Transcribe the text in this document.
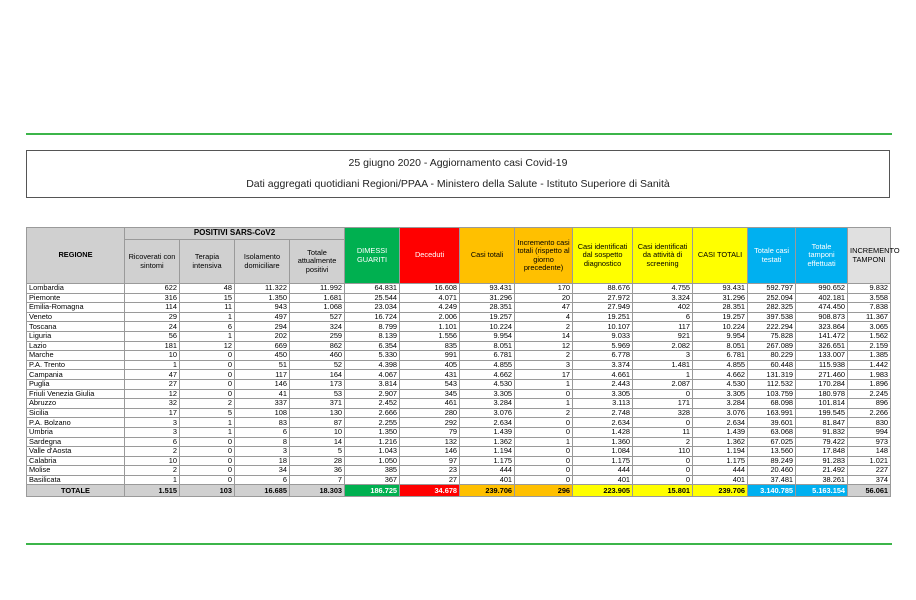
25 giugno 2020 - Aggiornamento casi Covid-19
Dati aggregati quotidiani Regioni/PPAA - Ministero della Salute - Istituto Superiore di Sanità
REGIONE	POSITIVI SARS-CoV2				DIMESSI GUARITI	Deceduti	Casi totali	Incremento casi totali (rispetto al giorno precedente)	Casi identificati dal sospetto diagnostico	Casi identificati da attività di screening	CASI TOTALI	Totale casi testati	Totale tamponi effettuati	INCREMENTO TAMPONI
	Ricoverati con sintomi	Terapia intensiva	Isolamento domiciliare	Totale attualmente positivi										
Lombardia	622	48	11.322	11.992	64.831	16.608	93.431	170	88.676	4.755	93.431	592.797	990.652	9.832
Piemonte	316	15	1.350	1.681	25.544	4.071	31.296	20	27.972	3.324	31.296	252.094	402.181	3.558
Emilia-Romagna	114	11	943	1.068	23.034	4.249	28.351	47	27.949	402	28.351	282.325	474.450	7.838
Veneto	29	1	497	527	16.724	2.006	19.257	4	19.251	6	19.257	397.538	908.873	11.367
Toscana	24	6	294	324	8.799	1.101	10.224	2	10.107	117	10.224	222.294	323.864	3.065
Liguria	56	1	202	259	8.139	1.556	9.954	14	9.033	921	9.954	75.828	141.472	1.562
Lazio	181	12	669	862	6.354	835	8.051	12	5.969	2.082	8.051	267.089	326.651	2.159
Marche	10	0	450	460	5.330	991	6.781	2	6.778	3	6.781	80.229	133.007	1.385
P.A. Trento	1	0	51	52	4.398	405	4.855	3	3.374	1.481	4.855	60.448	115.938	1.442
Campania	47	0	117	164	4.067	431	4.662	17	4.661	1	4.662	131.319	271.460	1.983
Puglia	27	0	146	173	3.814	543	4.530	1	2.443	2.087	4.530	112.532	170.284	1.896
Friuli Venezia Giulia	12	0	41	53	2.907	345	3.305	0	3.305	0	3.305	103.759	180.978	2.245
Abruzzo	32	2	337	371	2.452	461	3.284	1	3.113	171	3.284	68.098	101.814	896
Sicilia	17	5	108	130	2.666	280	3.076	2	2.748	328	3.076	163.991	199.545	2.266
P.A. Bolzano	3	1	83	87	2.255	292	2.634	0	2.634	0	2.634	39.601	81.847	830
Umbria	3	1	6	10	1.350	79	1.439	0	1.428	11	1.439	63.068	91.832	994
Sardegna	6	0	8	14	1.216	132	1.362	1	1.360	2	1.362	67.025	79.422	973
Valle d'Aosta	2	0	3	5	1.043	146	1.194	0	1.084	110	1.194	13.560	17.848	148
Calabria	10	0	18	28	1.050	97	1.175	0	1.175	0	1.175	89.249	91.283	1.021
Molise	2	0	34	36	385	23	444	0	444	0	444	20.460	21.492	227
Basilicata	1	0	6	7	367	27	401	0	401	0	401	37.481	38.261	374
TOTALE	1.515	103	16.685	18.303	186.725	34.678	239.706	296	223.905	15.801	239.706	3.140.785	5.163.154	56.061
